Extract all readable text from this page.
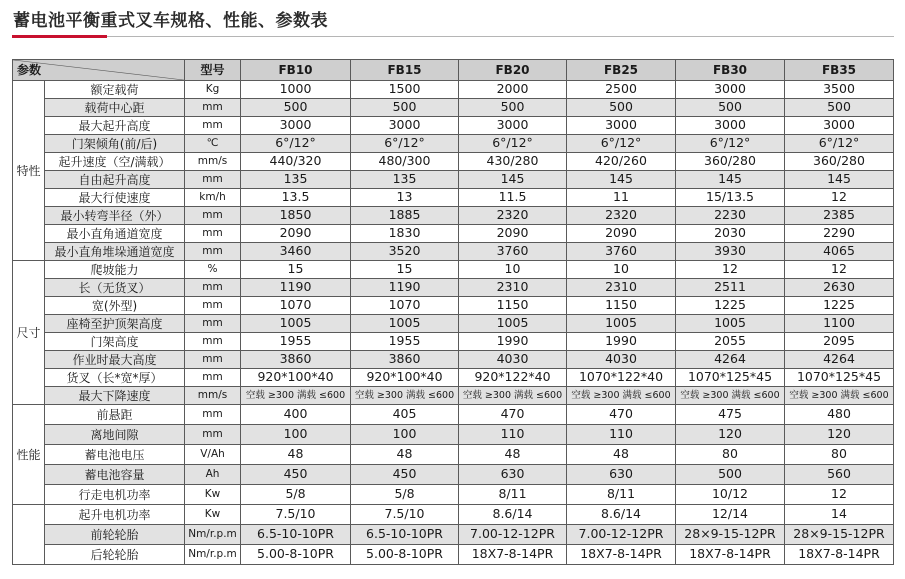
蓄电池平衡重式叉车规格、性能、参数表
参数		型号	FB10	FB15	FB20	FB25	FB30	FB35
特性	额定载荷	Kg	1000	1500	2000	2500	3000	3500
	载荷中心距	mm	500	500	500	500	500	500
	最大起升高度	mm	3000	3000	3000	3000	3000	3000
	门架倾角(前/后)	℃	6°/12°	6°/12°	6°/12°	6°/12°	6°/12°	6°/12°
	起升速度（空/满载）	mm/s	440/320	480/300	430/280	420/260	360/280	360/280
	自由起升高度	mm	135	135	145	145	145	145
	最大行使速度	km/h	13.5	13	11.5	11	15/13.5	12
	最小转弯半径（外）	mm	1850	1885	2320	2320	2230	2385
	最小直角通道宽度	mm	2090	1830	2090	2090	2030	2290
	最小直角堆垛通道宽度	mm	3460	3520	3760	3760	3930	4065
尺寸	爬坡能力	%	15	15	10	10	12	12
	长（无货叉）	mm	1190	1190	2310	2310	2511	2630
	宽(外型)	mm	1070	1070	1150	1150	1225	1225
	座椅至护顶架高度	mm	1005	1005	1005	1005	1005	1100
	门架高度	mm	1955	1955	1990	1990	2055	2095
	作业时最大高度	mm	3860	3860	4030	4030	4264	4264
	货叉（长*宽*厚）	mm	920*100*40	920*100*40	920*122*40	1070*122*40	1070*125*45	1070*125*45
	最大下降速度	mm/s	空载 ≥300 满载 ≤600	空载 ≥300 满载 ≤600	空载 ≥300 满载 ≤600	空载 ≥300 满载 ≤600	空载 ≥300 满载 ≤600	空载 ≥300 满载 ≤600
性能	前悬距	mm	400	405	470	470	475	480
	离地间隙	mm	100	100	110	110	120	120
	蓄电池电压	V/Ah	48	48	48	48	80	80
	蓄电池容量	Ah	450	450	630	630	500	560
	行走电机功率	Kw	5/8	5/8	8/11	8/11	10/12	12
	起升电机功率	Kw	7.5/10	7.5/10	8.6/14	8.6/14	12/14	14
	前轮轮胎	Nm/r.p.m	6.5-10-10PR	6.5-10-10PR	7.00-12-12PR	7.00-12-12PR	28×9-15-12PR	28×9-15-12PR
	后轮轮胎	Nm/r.p.m	5.00-8-10PR	5.00-8-10PR	18X7-8-14PR	18X7-8-14PR	18X7-8-14PR	18X7-8-14PR
